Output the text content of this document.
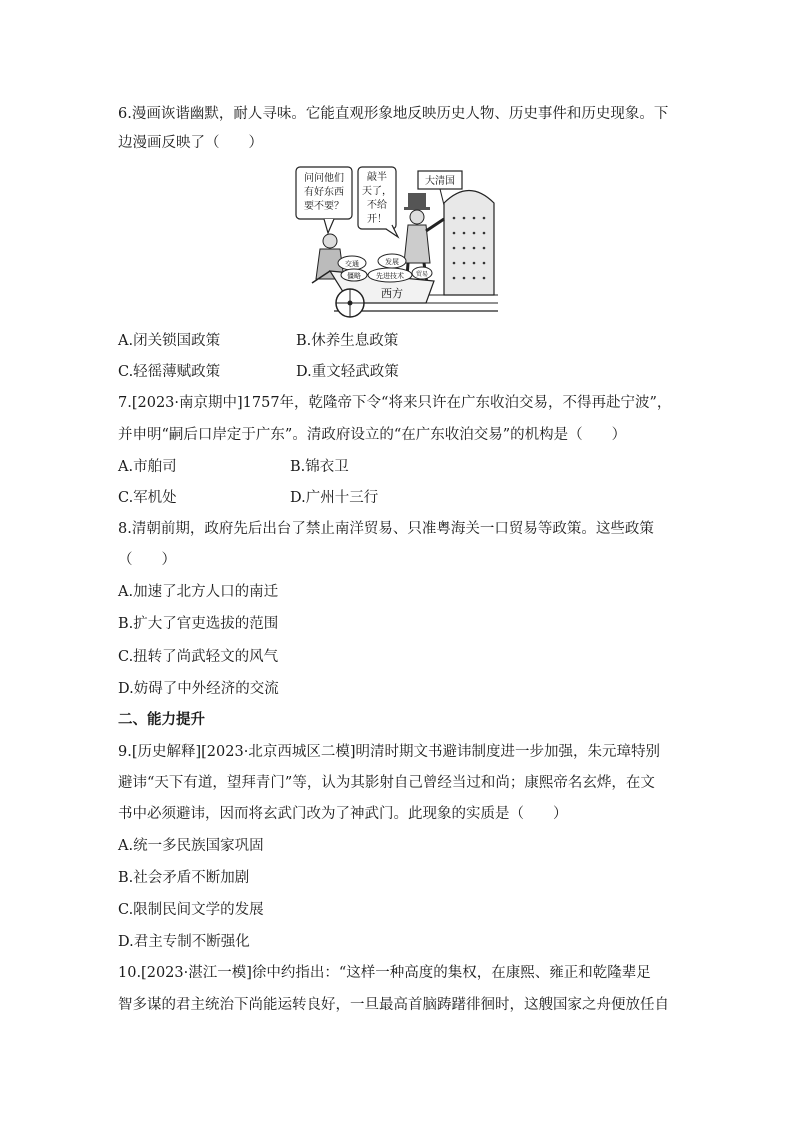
6.漫画诙谐幽默，耐人寻味。它能直观形象地反映历史人物、历史事件和历史现象。下
边漫画反映了（　　）
大清国
问问他们
有好东西
要不要？
敲半
天了，
不给
开！
交通	发展
僵略 先进技术 贸易
西方
A.闭关锁国政策	B.休养生息政策
C.轻徭薄赋政策	D.重文轻武政策
7.[2023·南京期中]1757年，乾隆帝下令“将来只许在广东收泊交易，不得再赴宁波”，
并申明“嗣后口岸定于广东”。清政府设立的“在广东收泊交易”的机构是（　　）
A.市舶司	B.锦衣卫
C.军机处	D.广州十三行
8.清朝前期，政府先后出台了禁止南洋贸易、只准粤海关一口贸易等政策。这些政策
（　　）
A.加速了北方人口的南迁
B.扩大了官吏选拔的范围
C.扭转了尚武轻文的风气
D.妨碍了中外经济的交流
二、能力提升
9.[历史解释][2023·北京西城区二模]明清时期文书避讳制度进一步加强，朱元璋特别
避讳“天下有道，望拜青门”等，认为其影射自己曾经当过和尚；康熙帝名玄烨，在文
书中必须避讳，因而将玄武门改为了神武门。此现象的实质是（　　）
A.统一多民族国家巩固
B.社会矛盾不断加剧
C.限制民间文学的发展
D.君主专制不断强化
10.[2023·湛江一模]徐中约指出：“这样一种高度的集权，在康熙、雍正和乾隆辈足
智多谋的君主统治下尚能运转良好，一旦最高首脑踌躇徘徊时，这艘国家之舟便放任自
